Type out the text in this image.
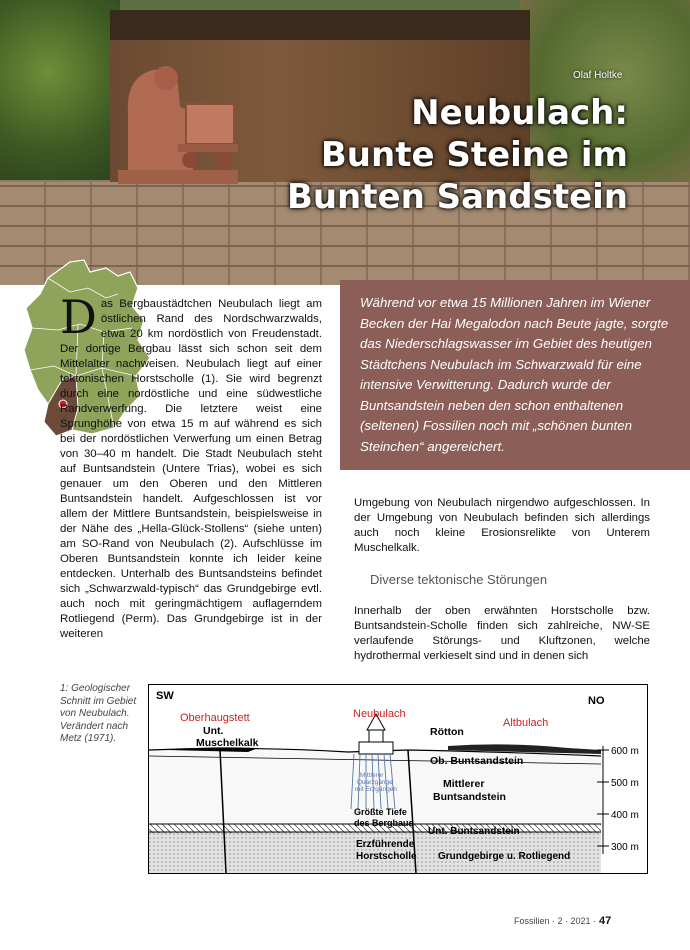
Olaf Holtke
Neubulach:
Bunte Steine im
Bunten Sandstein
Während vor etwa 15 Millionen Jahren im Wiener Becken der Hai Megalodon nach Beute jagte, sorgte das Niederschlagswasser im Gebiet des heutigen Städtchens Neubulach im Schwarzwald für eine intensive Verwitterung. Dadurch wurde der Buntsandstein neben den schon enthaltenen (seltenen) Fossilien noch mit „schönen bunten Steinchen“ angereichert.
Das Bergbaustädtchen Neubulach liegt am östlichen Rand des Nordschwarzwalds, etwa 20 km nordöstlich von Freudenstadt. Der dortige Bergbau lässt sich schon seit dem Mittelalter nachweisen. Neubulach liegt auf einer tektonischen Horstscholle (1). Sie wird begrenzt durch eine nordöstliche und eine südwestliche Randverwerfung. Die letztere weist eine Sprunghöhe von etwa 15 m auf während es sich bei der nordöstlichen Verwerfung um einen Betrag von 30–40 m handelt. Die Stadt Neubulach steht auf Buntsandstein (Untere Trias), wobei es sich genauer um den Oberen und den Mittleren Buntsandstein handelt. Aufgeschlossen ist vor allem der Mittlere Buntsandstein, beispielsweise in der Nähe des „Hella-Glück-Stollens“ (siehe unten) am SO-Rand von Neubulach (2). Aufschlüsse im Oberen Buntsandstein konnte ich leider keine entdecken. Unterhalb des Buntsandsteins befindet sich „Schwarzwald-typisch“ das Grundgebirge evtl. auch noch mit geringmächtigem auflagerndem Rotliegend (Perm). Das Grundgebirge ist in der weiteren
Umgebung von Neubulach nirgendwo aufgeschlossen. In der Umgebung von Neubulach befinden sich allerdings auch noch kleine Erosionsrelikte von Unterem Muschelkalk.
Diverse tektonische Störungen
Innerhalb der oben erwähnten Horstscholle bzw. Buntsandstein-Scholle finden sich zahlreiche, NW-SE verlaufende Störungs- und Kluftzonen, welche hydrothermal verkieselt sind und in denen sich
1: Geologischer Schnitt im Gebiet von Neubulach. Verändert nach Metz (1971).
SW	NO
Oberhaugstett	Neubulach
Altbulach
Unt.
Muschelkalk
Rötton
Ob. Buntsandstein
Mittlerer
Buntsandstein
Mittlerer
Quarzgänge
mit Erzgängen
Größte Tiefe
des Bergbaus
Unt. Buntsandstein
Erzführende
Horstscholle Grundgebirge u. Rotliegend
600 m
500 m
400 m
300 m
Fossilien · 2 · 2021 · 47
